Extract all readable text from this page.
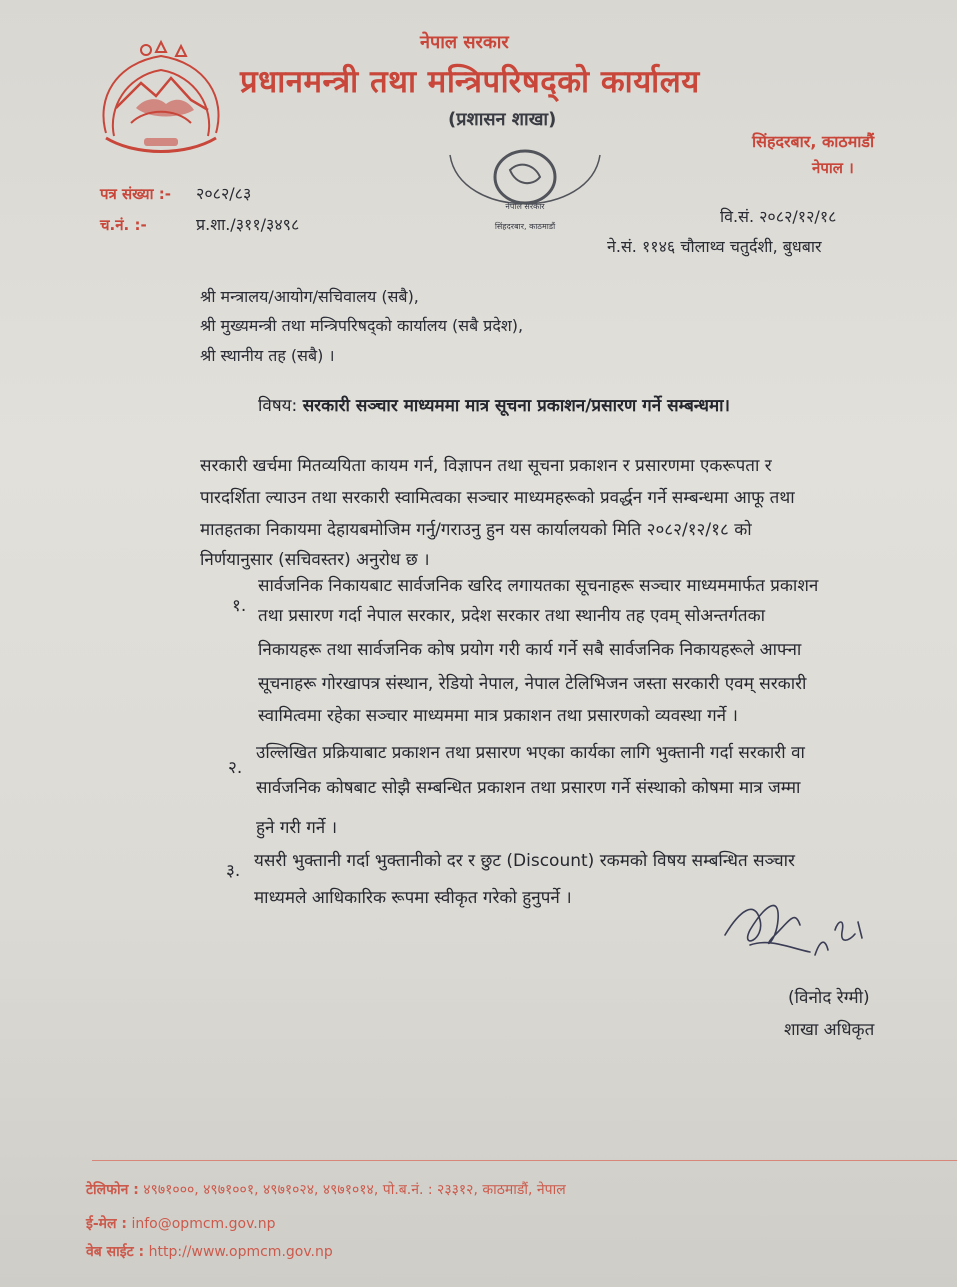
नेपाल सरकार
प्रधानमन्त्री तथा मन्त्रिपरिषद्को कार्यालय
(प्रशासन शाखा)
सिंहदरबार, काठमाडौं
नेपाल ।
नेपाल सरकार
सिंहदरबार, काठमाडौं
पत्र संख्या :- २०८२/८३
च.नं. :-	प्र.शा./३११/३४९८	वि.सं. २०८२/१२/१८
ने.सं. ११४६ चौलाथ्व चतुर्दशी, बुधबार
श्री मन्त्रालय/आयोग/सचिवालय (सबै),
श्री मुख्यमन्त्री तथा मन्त्रिपरिषद्को कार्यालय (सबै प्रदेश),
श्री स्थानीय तह (सबै) ।
विषय: सरकारी सञ्चार माध्यममा मात्र सूचना प्रकाशन/प्रसारण गर्ने सम्बन्धमा।
सरकारी खर्चमा मितव्ययिता कायम गर्न, विज्ञापन तथा सूचना प्रकाशन र प्रसारणमा एकरूपता र
पारदर्शिता ल्याउन तथा सरकारी स्वामित्वका सञ्चार माध्यमहरूको प्रवर्द्धन गर्ने सम्बन्धमा आफू तथा
मातहतका निकायमा देहायबमोजिम गर्नु/गराउनु हुन यस कार्यालयको मिति २०८२/१२/१८ को
निर्णयानुसार (सचिवस्तर) अनुरोध छ ।
१.
सार्वजनिक निकायबाट सार्वजनिक खरिद लगायतका सूचनाहरू सञ्चार माध्यममार्फत प्रकाशन
तथा प्रसारण गर्दा नेपाल सरकार, प्रदेश सरकार तथा स्थानीय तह एवम् सोअन्तर्गतका
निकायहरू तथा सार्वजनिक कोष प्रयोग गरी कार्य गर्ने सबै सार्वजनिक निकायहरूले आफ्ना
सूचनाहरू गोरखापत्र संस्थान, रेडियो नेपाल, नेपाल टेलिभिजन जस्ता सरकारी एवम् सरकारी
स्वामित्वमा रहेका सञ्चार माध्यममा मात्र प्रकाशन तथा प्रसारणको व्यवस्था गर्ने ।
२.
उल्लिखित प्रक्रियाबाट प्रकाशन तथा प्रसारण भएका कार्यका लागि भुक्तानी गर्दा सरकारी वा
सार्वजनिक कोषबाट सोझै सम्बन्धित प्रकाशन तथा प्रसारण गर्ने संस्थाको कोषमा मात्र जम्मा
हुने गरी गर्ने ।
३. यसरी भुक्तानी गर्दा भुक्तानीको दर र छुट (Discount) रकमको विषय सम्बन्धित सञ्चार
माध्यमले आधिकारिक रूपमा स्वीकृत गरेको हुनुपर्ने ।
(विनोद रेग्मी)
शाखा अधिकृत
टेलिफोन : ४९७१०००, ४९७१००१, ४९७१०२४, ४९७१०१४, पो.ब.नं. : २३३१२, काठमाडौं, नेपाल
ई-मेल : info@opmcm.gov.np
वेब साईट : http://www.opmcm.gov.np
